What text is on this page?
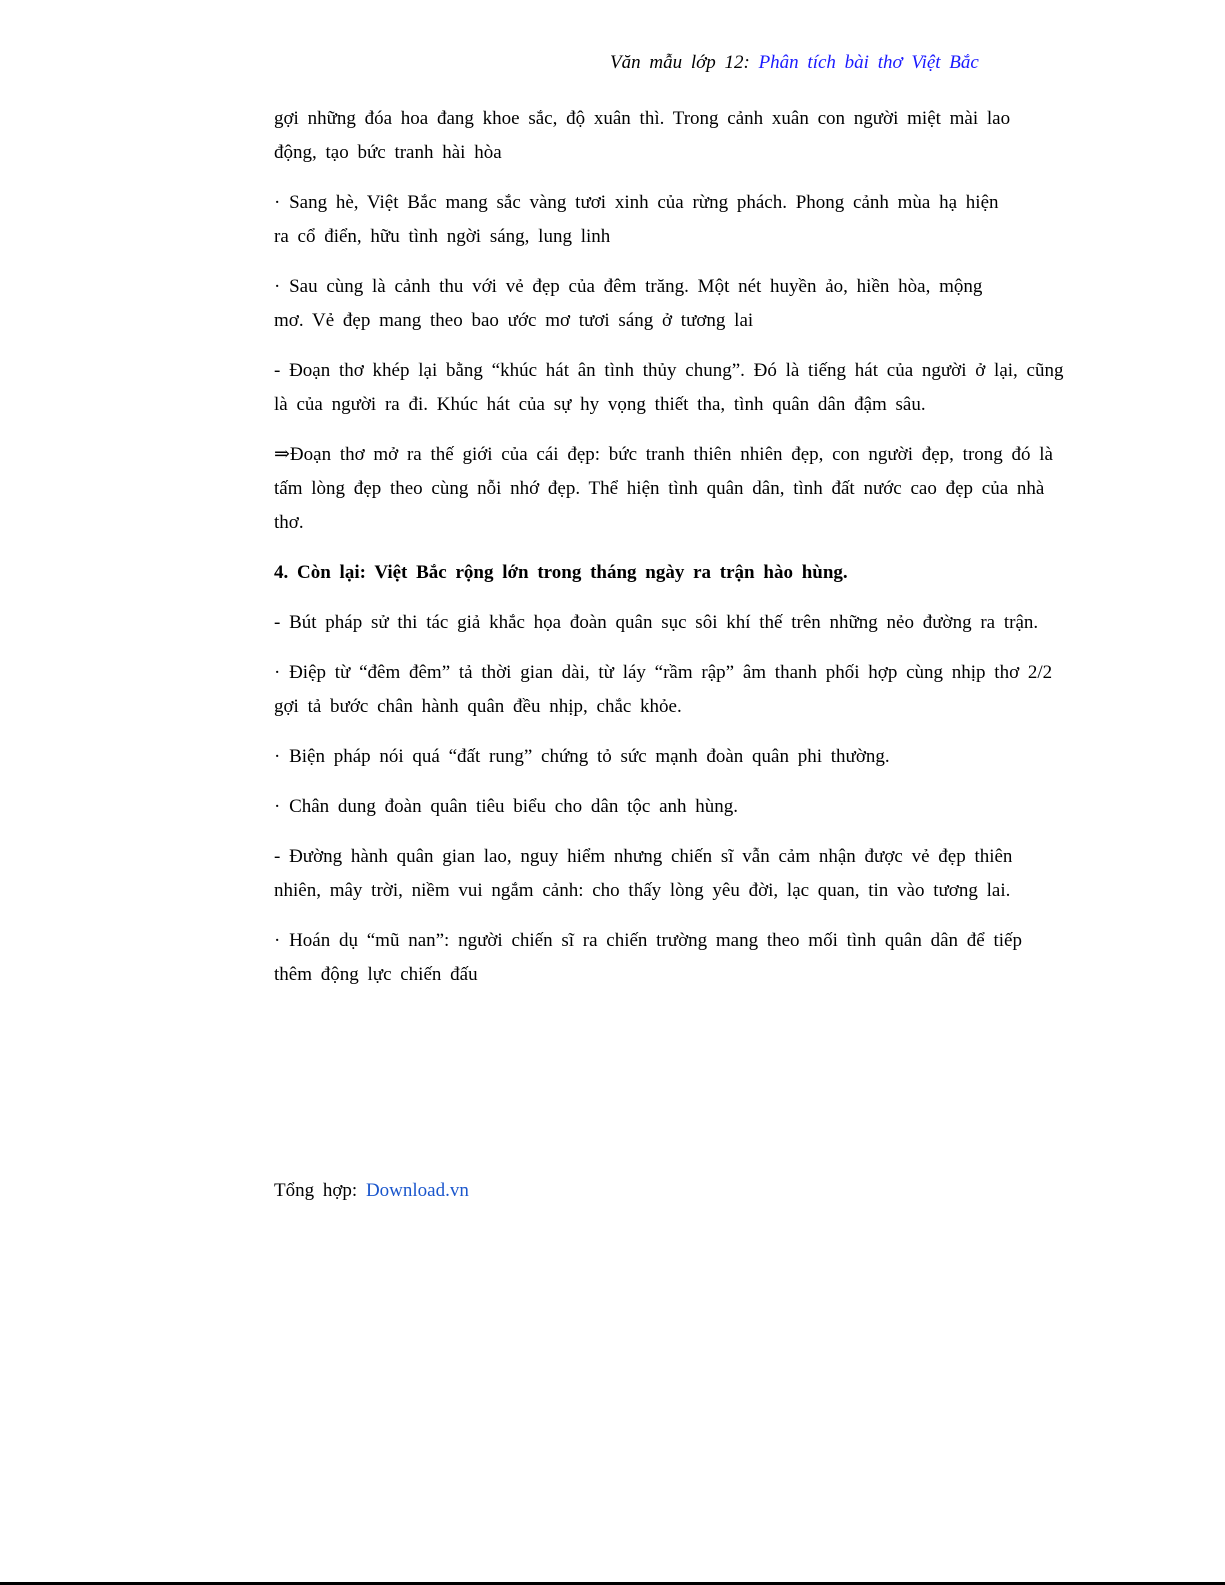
Văn mẫu lớp 12: Phân tích bài thơ Việt Bắc

gợi những đóa hoa đang khoe sắc, độ xuân thì. Trong cảnh xuân con người miệt mài lao động, tạo bức tranh hài hòa

· Sang hè, Việt Bắc mang sắc vàng tươi xinh của rừng phách. Phong cảnh mùa hạ hiện ra cổ điển, hữu tình ngời sáng, lung linh

· Sau cùng là cảnh thu với vẻ đẹp của đêm trăng. Một nét huyền ảo, hiền hòa, mộng mơ. Vẻ đẹp mang theo bao ước mơ tươi sáng ở tương lai

- Đoạn thơ khép lại bằng “khúc hát ân tình thủy chung”. Đó là tiếng hát của người ở lại, cũng là của người ra đi. Khúc hát của sự hy vọng thiết tha, tình quân dân đậm sâu.

⇒Đoạn thơ mở ra thế giới của cái đẹp: bức tranh thiên nhiên đẹp, con người đẹp, trong đó là tấm lòng đẹp theo cùng nỗi nhớ đẹp. Thể hiện tình quân dân, tình đất nước cao đẹp của nhà thơ.

4. Còn lại: Việt Bắc rộng lớn trong tháng ngày ra trận hào hùng.

- Bút pháp sử thi tác giả khắc họa đoàn quân sục sôi khí thế trên những nẻo đường ra trận.

· Điệp từ “đêm đêm” tả thời gian dài, từ láy “rầm rập” âm thanh phối hợp cùng nhịp thơ 2/2 gợi tả bước chân hành quân đều nhịp, chắc khỏe.

· Biện pháp nói quá “đất rung” chứng tỏ sức mạnh đoàn quân phi thường.

· Chân dung đoàn quân tiêu biểu cho dân tộc anh hùng.

- Đường hành quân gian lao, nguy hiểm nhưng chiến sĩ vẫn cảm nhận được vẻ đẹp thiên nhiên, mây trời, niềm vui ngắm cảnh: cho thấy lòng yêu đời, lạc quan, tin vào tương lai.

· Hoán dụ “mũ nan”: người chiến sĩ ra chiến trường mang theo mối tình quân dân để tiếp thêm động lực chiến đấu

Tổng hợp: Download.vn
